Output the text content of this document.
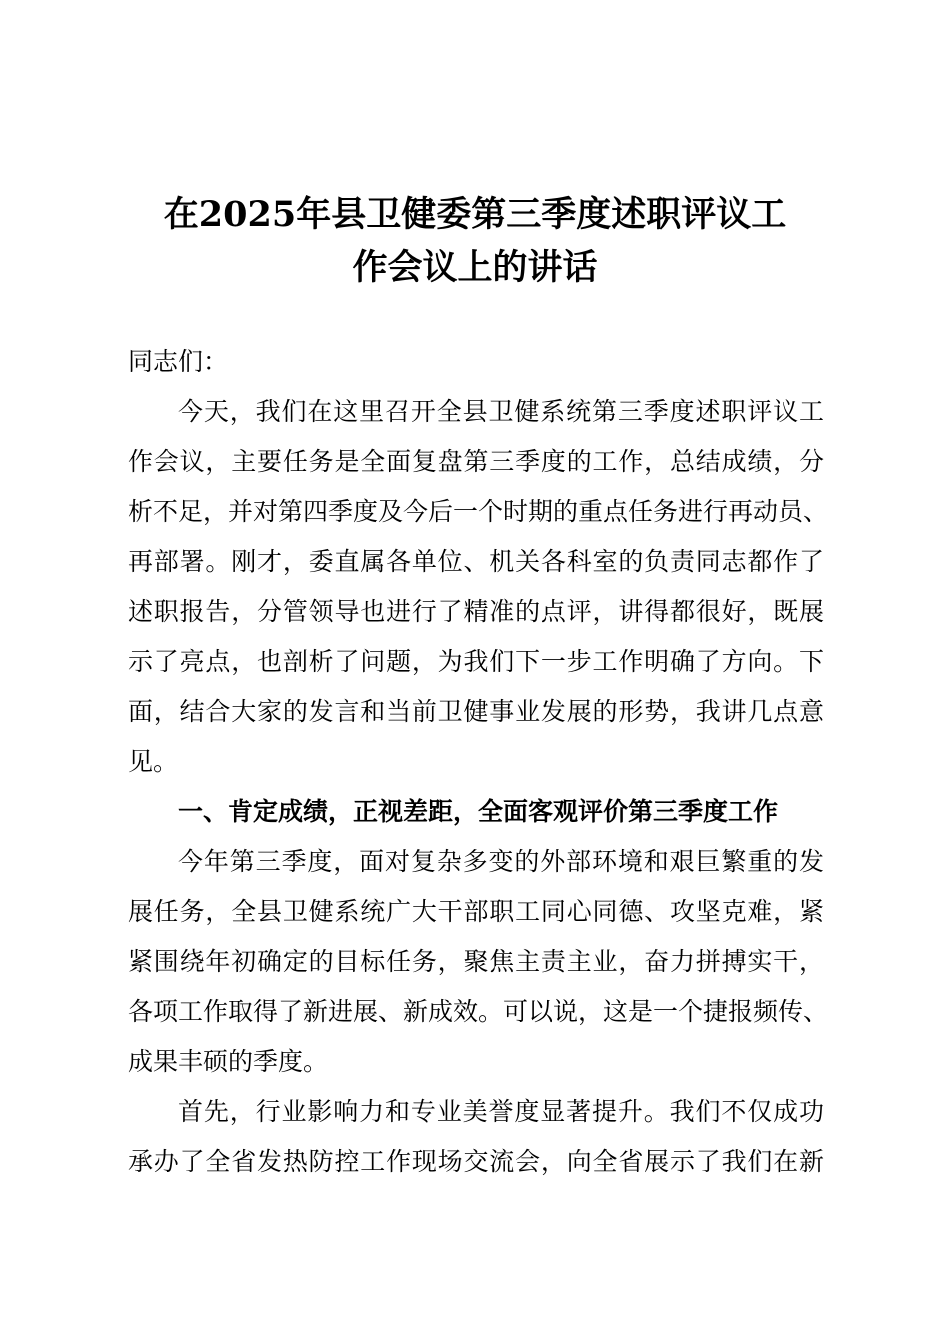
在2025年县卫健委第三季度述职评议工
作会议上的讲话
同志们：
今天，我们在这里召开全县卫健系统第三季度述职评议工
作会议，主要任务是全面复盘第三季度的工作，总结成绩，分
析不足，并对第四季度及今后一个时期的重点任务进行再动员、
再部署。刚才，委直属各单位、机关各科室的负责同志都作了
述职报告，分管领导也进行了精准的点评，讲得都很好，既展
示了亮点，也剖析了问题，为我们下一步工作明确了方向。下
面，结合大家的发言和当前卫健事业发展的形势，我讲几点意
见。
一、肯定成绩，正视差距，全面客观评价第三季度工作
今年第三季度，面对复杂多变的外部环境和艰巨繁重的发
展任务，全县卫健系统广大干部职工同心同德、攻坚克难，紧
紧围绕年初确定的目标任务，聚焦主责主业，奋力拼搏实干，
各项工作取得了新进展、新成效。可以说，这是一个捷报频传、
成果丰硕的季度。
首先，行业影响力和专业美誉度显著提升。我们不仅成功
承办了全省发热防控工作现场交流会，向全省展示了我们在新
